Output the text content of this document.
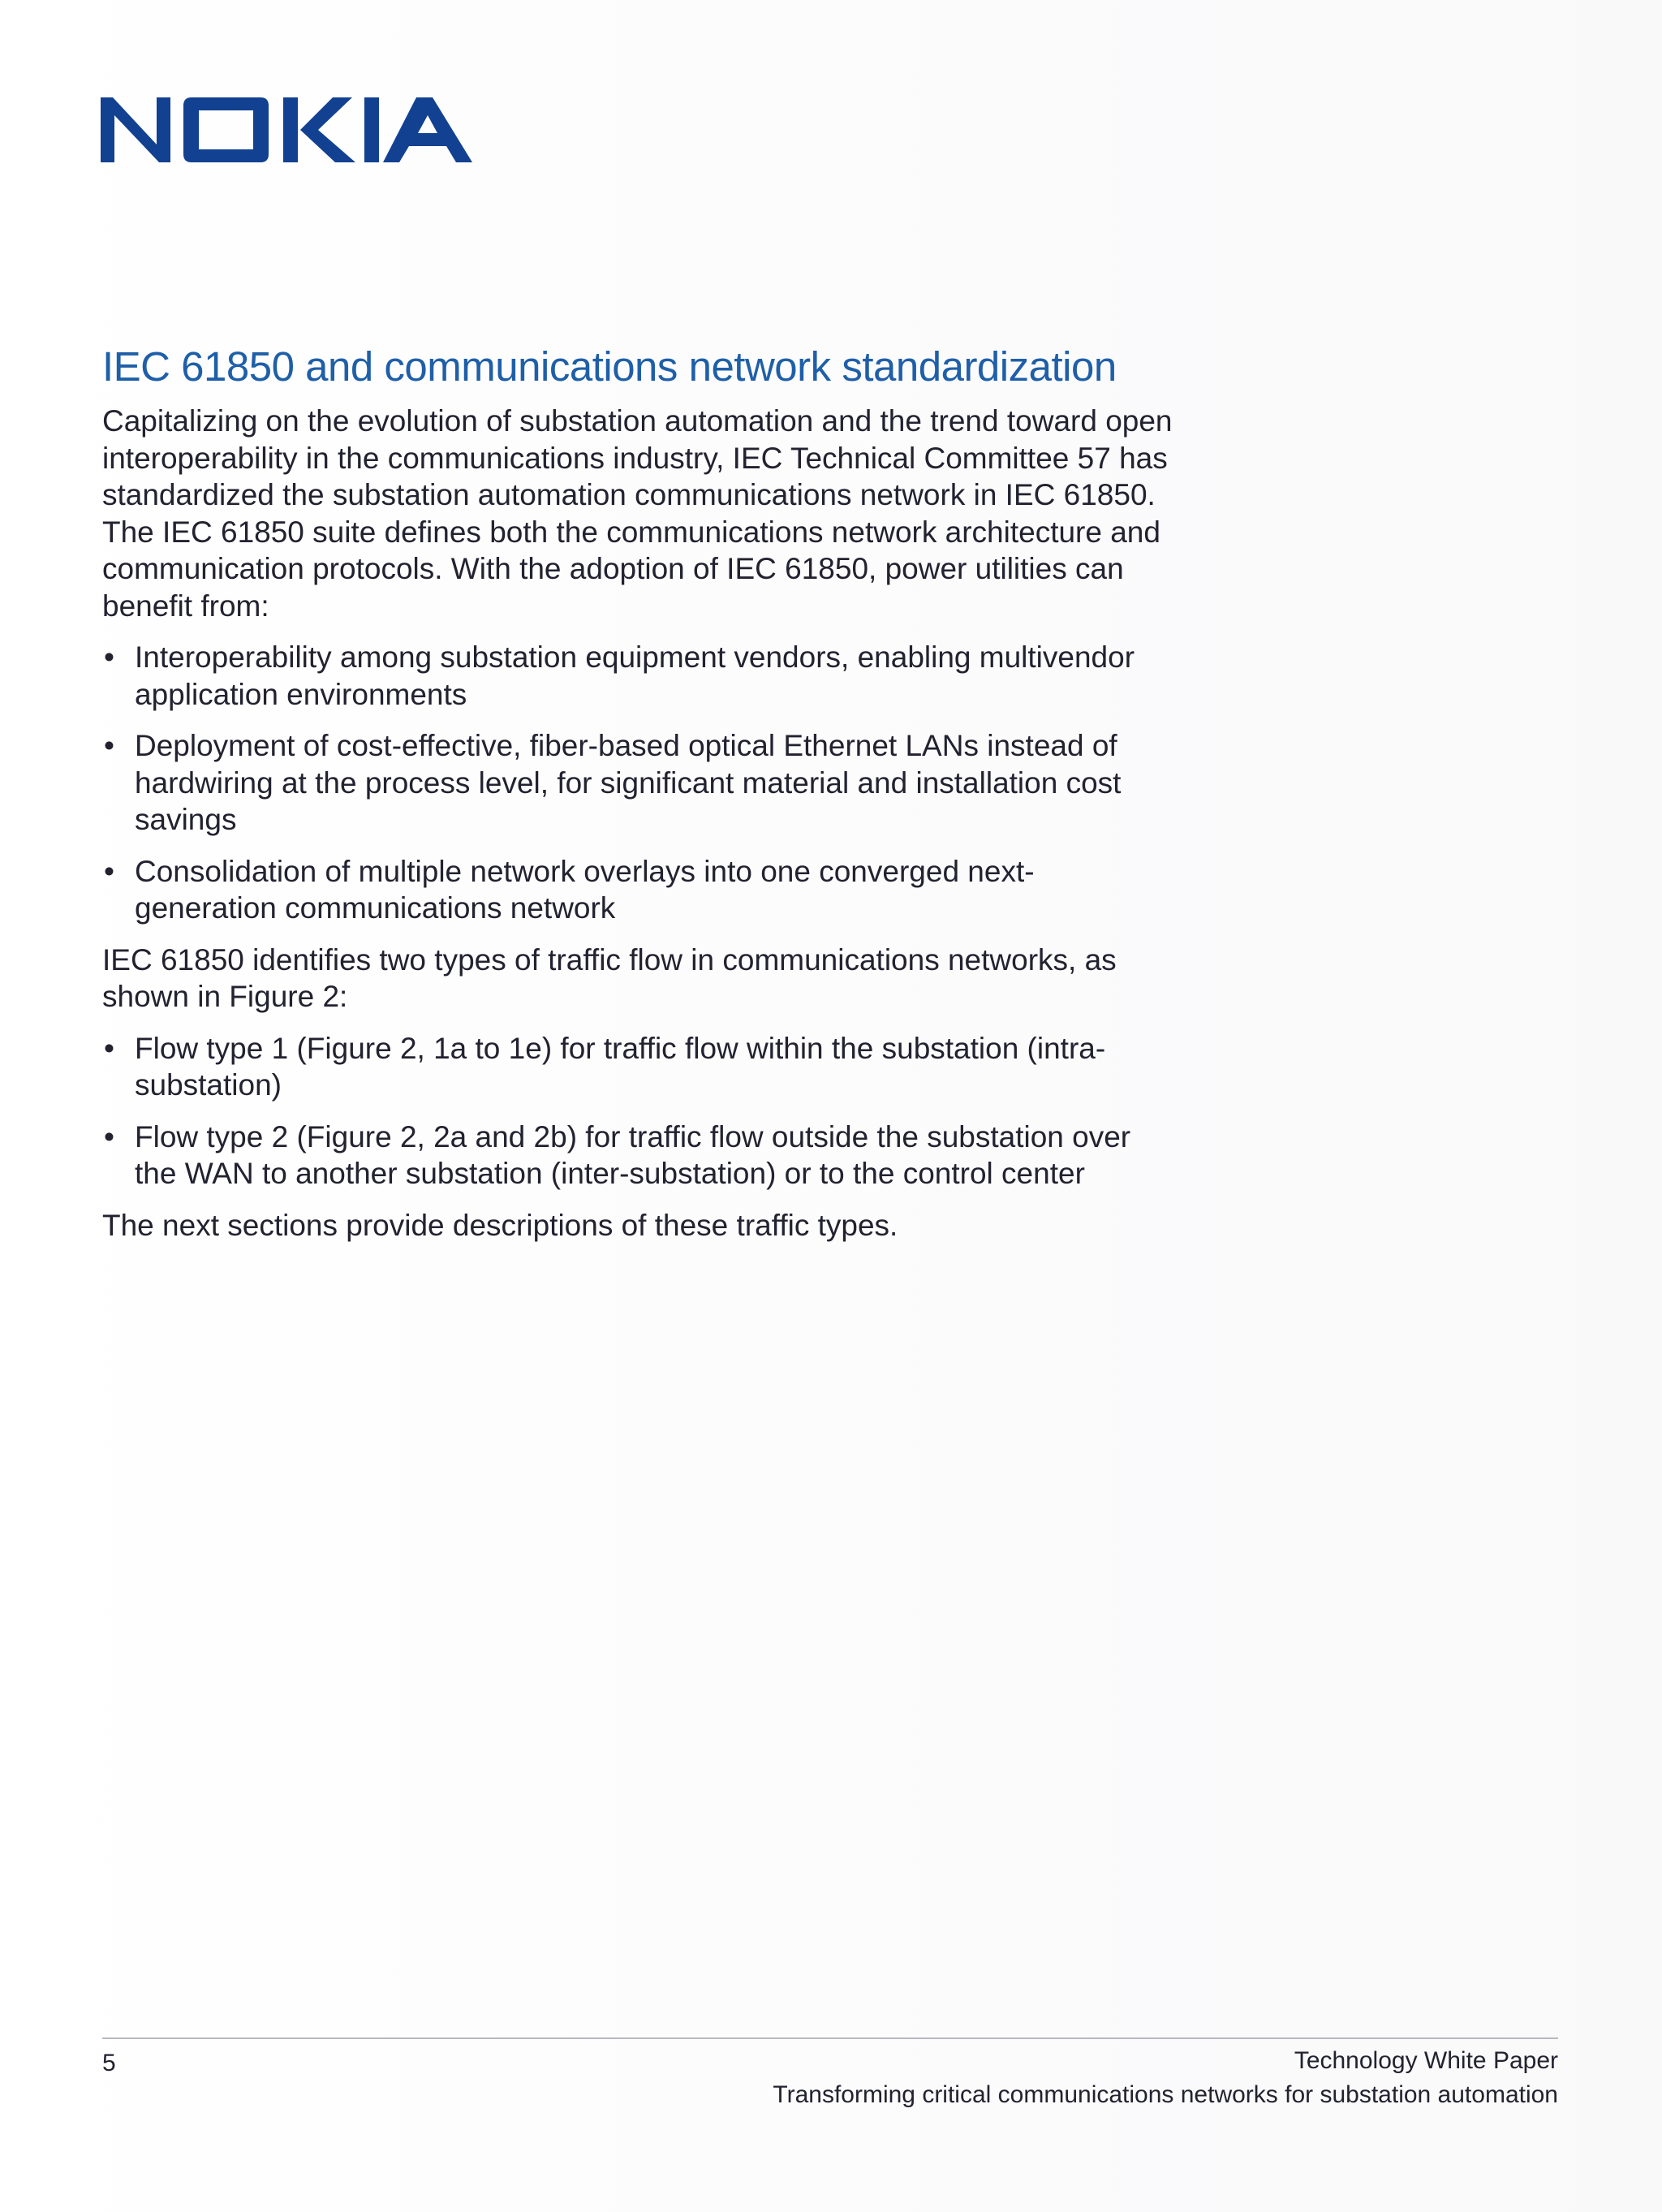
IEC 61850 and communications network standardization

Capitalizing on the evolution of substation automation and the trend toward open interoperability in the communications industry, IEC Technical Committee 57 has standardized the substation automation communications network in IEC 61850. The IEC 61850 suite defines both the communications network architecture and communication protocols. With the adoption of IEC 61850, power utilities can benefit from:

• Interoperability among substation equipment vendors, enabling multivendor application environments
• Deployment of cost-effective, fiber-based optical Ethernet LANs instead of hardwiring at the process level, for significant material and installation cost savings
• Consolidation of multiple network overlays into one converged next-generation communications network

IEC 61850 identifies two types of traffic flow in communications networks, as shown in Figure 2:

• Flow type 1 (Figure 2, 1a to 1e) for traffic flow within the substation (intra-substation)
• Flow type 2 (Figure 2, 2a and 2b) for traffic flow outside the substation over the WAN to another substation (inter-substation) or to the control center

The next sections provide descriptions of these traffic types.

5	Technology White Paper
Transforming critical communications networks for substation automation
